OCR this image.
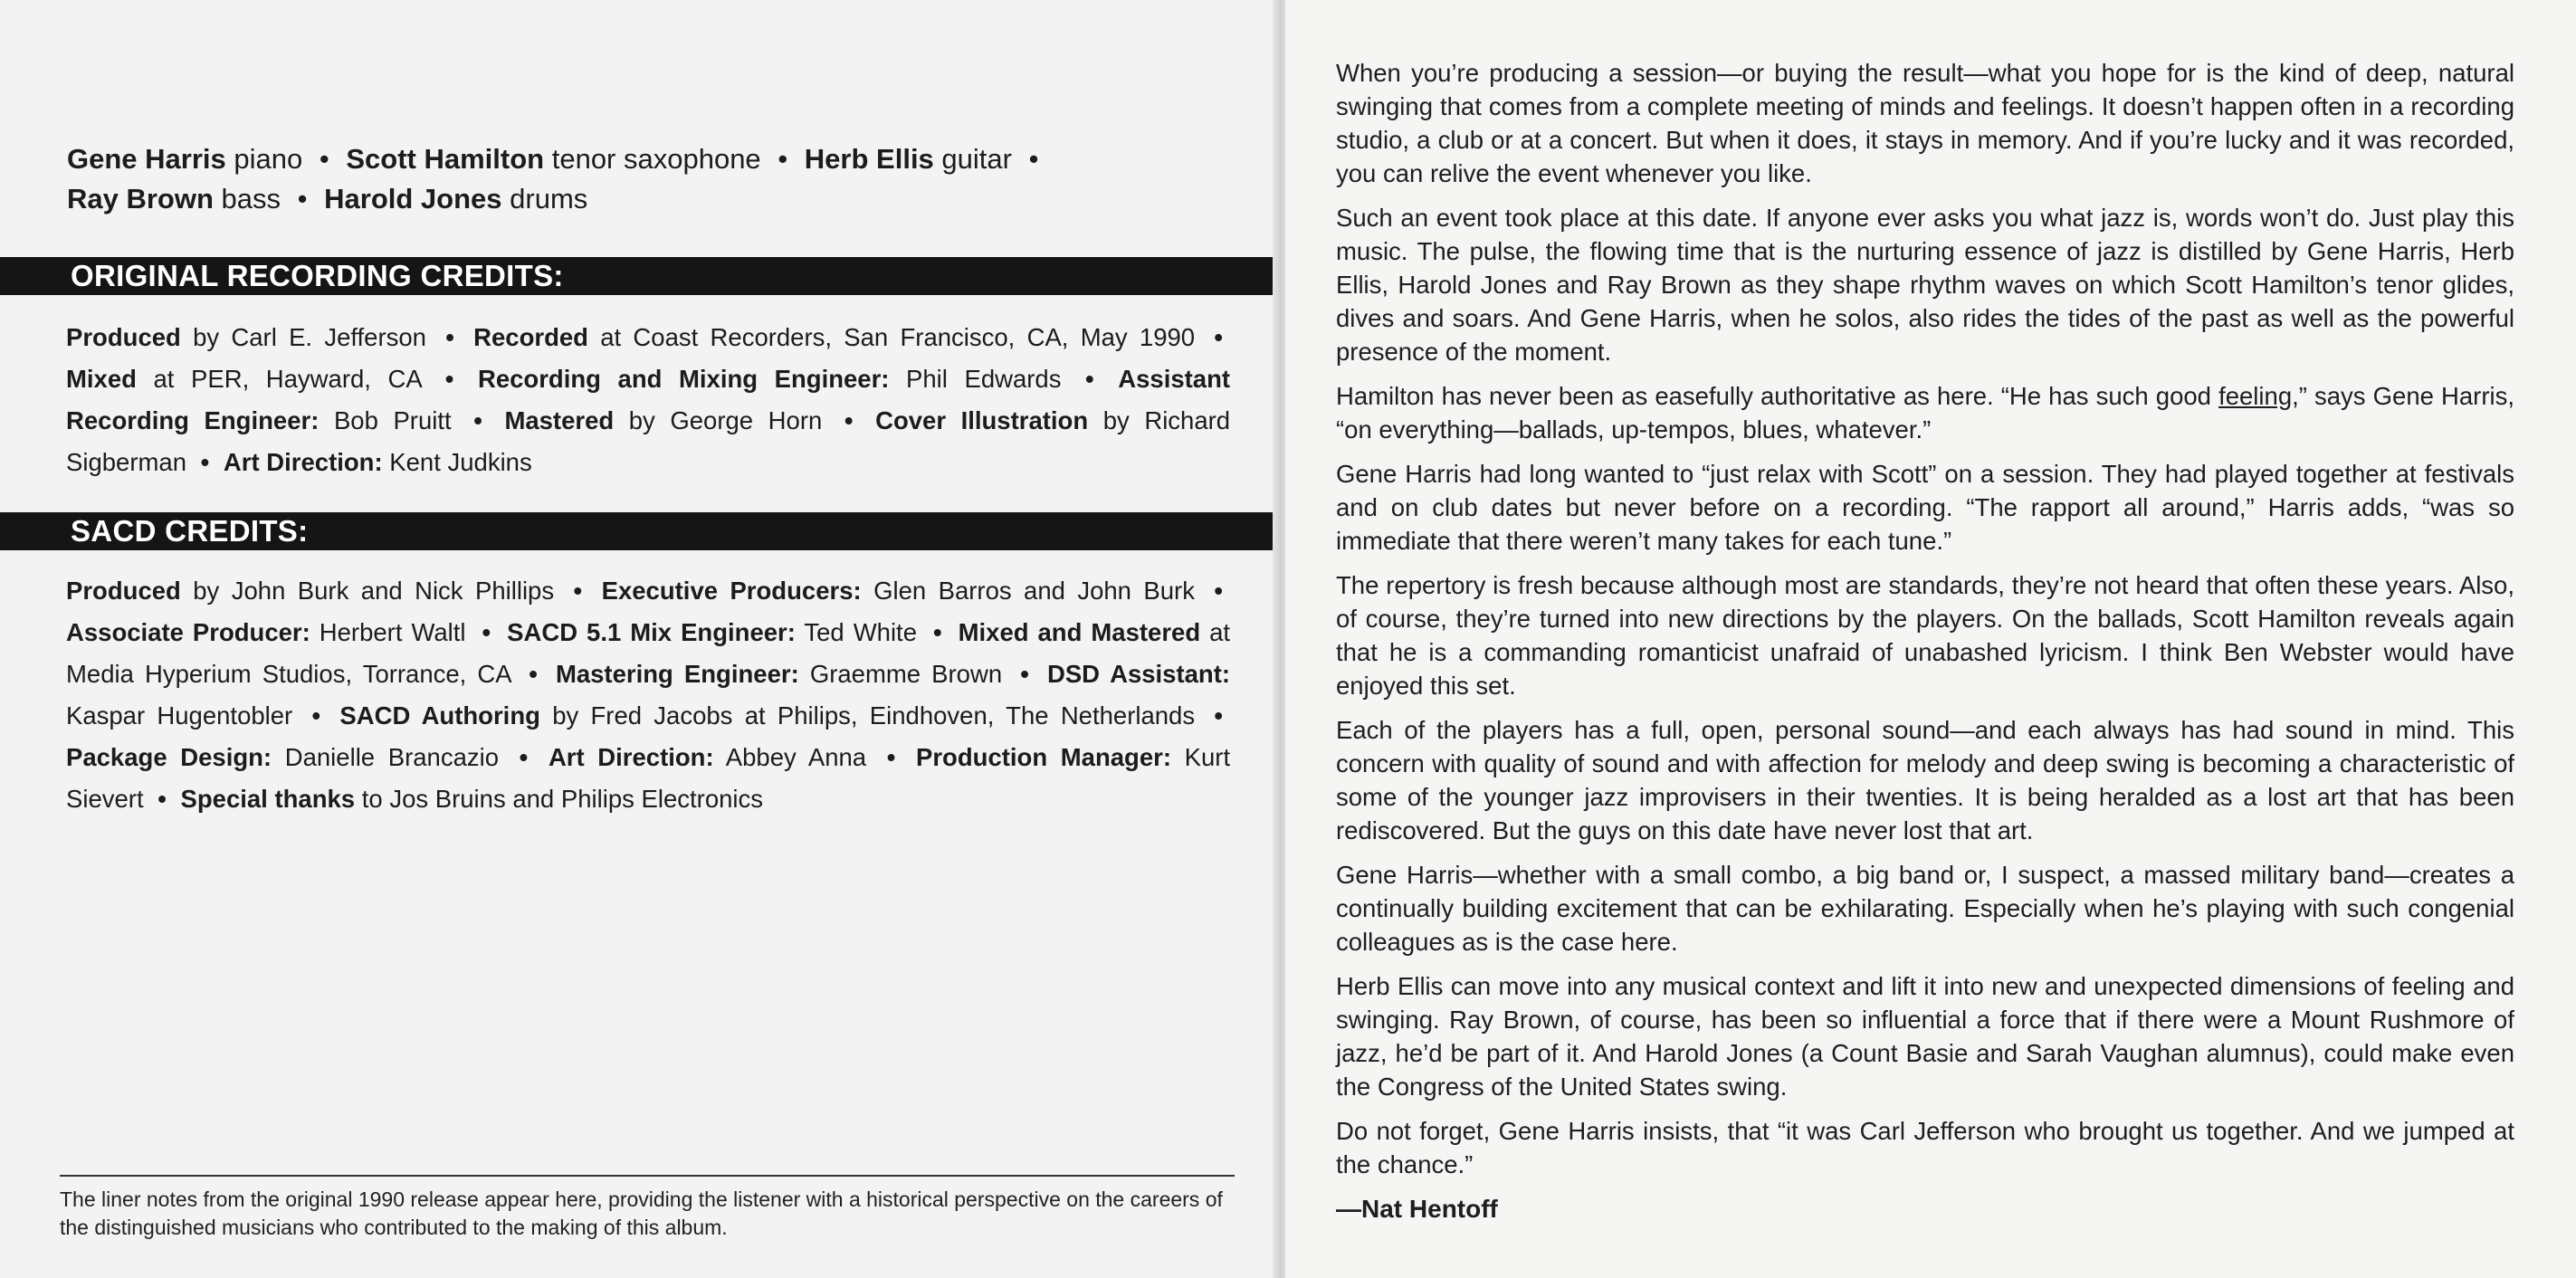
Gene Harris piano • Scott Hamilton tenor saxophone • Herb Ellis guitar •
Ray Brown bass • Harold Jones drums
ORIGINAL RECORDING CREDITS:
Produced by Carl E. Jefferson • Recorded at Coast Recorders, San Francisco, CA, May 1990 • Mixed at PER, Hayward, CA • Recording and Mixing Engineer: Phil Edwards • Assistant Recording Engineer: Bob Pruitt • Mastered by George Horn • Cover Illustration by Richard Sigberman • Art Direction: Kent Judkins
SACD CREDITS:
Produced by John Burk and Nick Phillips • Executive Producers: Glen Barros and John Burk • Associate Producer: Herbert Waltl • SACD 5.1 Mix Engineer: Ted White • Mixed and Mastered at Media Hyperium Studios, Torrance, CA • Mastering Engineer: Graemme Brown • DSD Assistant: Kaspar Hugentobler • SACD Authoring by Fred Jacobs at Philips, Eindhoven, The Netherlands • Package Design: Danielle Brancazio • Art Direction: Abbey Anna • Production Manager: Kurt Sievert • Special thanks to Jos Bruins and Philips Electronics
The liner notes from the original 1990 release appear here, providing the listener with a historical perspective on the careers of the distinguished musicians who contributed to the making of this album.

When you’re producing a session—or buying the result—what you hope for is the kind of deep, natural swinging that comes from a complete meeting of minds and feelings. It doesn’t happen often in a recording studio, a club or at a concert. But when it does, it stays in memory. And if you’re lucky and it was recorded, you can relive the event whenever you like.

Such an event took place at this date. If anyone ever asks you what jazz is, words won’t do. Just play this music. The pulse, the flowing time that is the nurturing essence of jazz is distilled by Gene Harris, Herb Ellis, Harold Jones and Ray Brown as they shape rhythm waves on which Scott Hamilton’s tenor glides, dives and soars. And Gene Harris, when he solos, also rides the tides of the past as well as the powerful presence of the moment.

Hamilton has never been as easefully authoritative as here. “He has such good feeling,” says Gene Harris, “on everything—ballads, up-tempos, blues, whatever.”

Gene Harris had long wanted to “just relax with Scott” on a session. They had played together at festivals and on club dates but never before on a recording. “The rapport all around,” Harris adds, “was so immediate that there weren’t many takes for each tune.”

The repertory is fresh because although most are standards, they’re not heard that often these years. Also, of course, they’re turned into new directions by the players. On the ballads, Scott Hamilton reveals again that he is a commanding romanticist unafraid of unabashed lyricism. I think Ben Webster would have enjoyed this set.

Each of the players has a full, open, personal sound—and each always has had sound in mind. This concern with quality of sound and with affection for melody and deep swing is becoming a characteristic of some of the younger jazz improvisers in their twenties. It is being heralded as a lost art that has been rediscovered. But the guys on this date have never lost that art.

Gene Harris—whether with a small combo, a big band or, I suspect, a massed military band—creates a continually building excitement that can be exhilarating. Especially when he’s playing with such congenial colleagues as is the case here.

Herb Ellis can move into any musical context and lift it into new and unexpected dimensions of feeling and swinging. Ray Brown, of course, has been so influential a force that if there were a Mount Rushmore of jazz, he’d be part of it. And Harold Jones (a Count Basie and Sarah Vaughan alumnus), could make even the Congress of the United States swing.

Do not forget, Gene Harris insists, that “it was Carl Jefferson who brought us together. And we jumped at the chance.”

—Nat Hentoff
